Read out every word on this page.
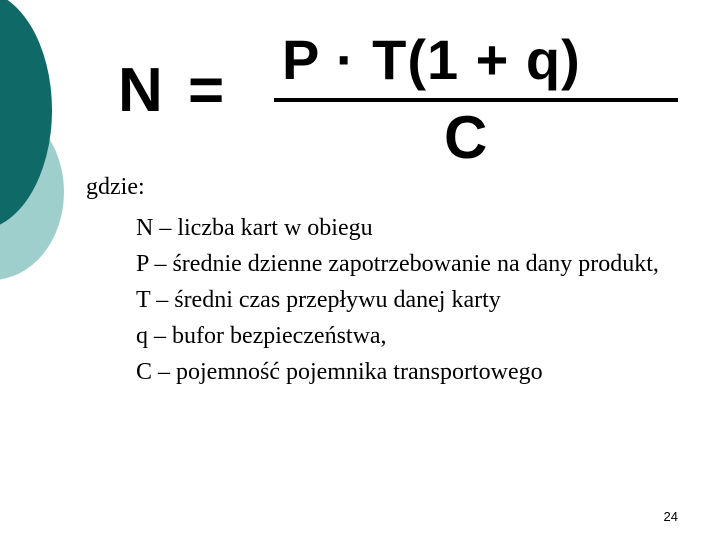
N = P · T(1 + q)
C
gdzie:
N – liczba kart w obiegu
P – średnie dzienne zapotrzebowanie na dany produkt,
T – średni czas przepływu danej karty
q – bufor bezpieczeństwa,
C – pojemność pojemnika transportowego
24
